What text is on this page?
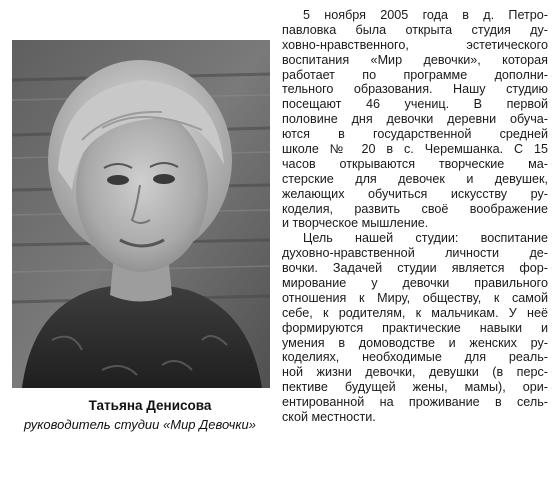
Татьяна Денисова
руководитель студии «Мир Девочки»
5 ноября 2005 года в д. Петро-
павловка была открыта студия ду-
ховно-нравственного, эстетического
воспитания «Мир девочки», которая
работает по программе дополни-
тельного образования. Нашу студию
посещают 46 учениц. В первой
половине дня девочки деревни обуча-
ются в государственной средней
школе № 20 в с. Черемшанка. С 15
часов открываются творческие ма-
стерские для девочек и девушек,
желающих обучиться искусству ру-
коделия, развить своё воображение
и творческое мышление.
Цель нашей студии: воспитание
духовно-нравственной личности де-
вочки. Задачей студии является фор-
мирование у девочки правильного
отношения к Миру, обществу, к самой
себе, к родителям, к мальчикам. У неё
формируются практические навыки и
умения в домоводстве и женских ру-
коделиях, необходимые для реаль-
ной жизни девочки, девушки (в перс-
пективе будущей жены, мамы), ори-
ентированной на проживание в сель-
ской местности.
